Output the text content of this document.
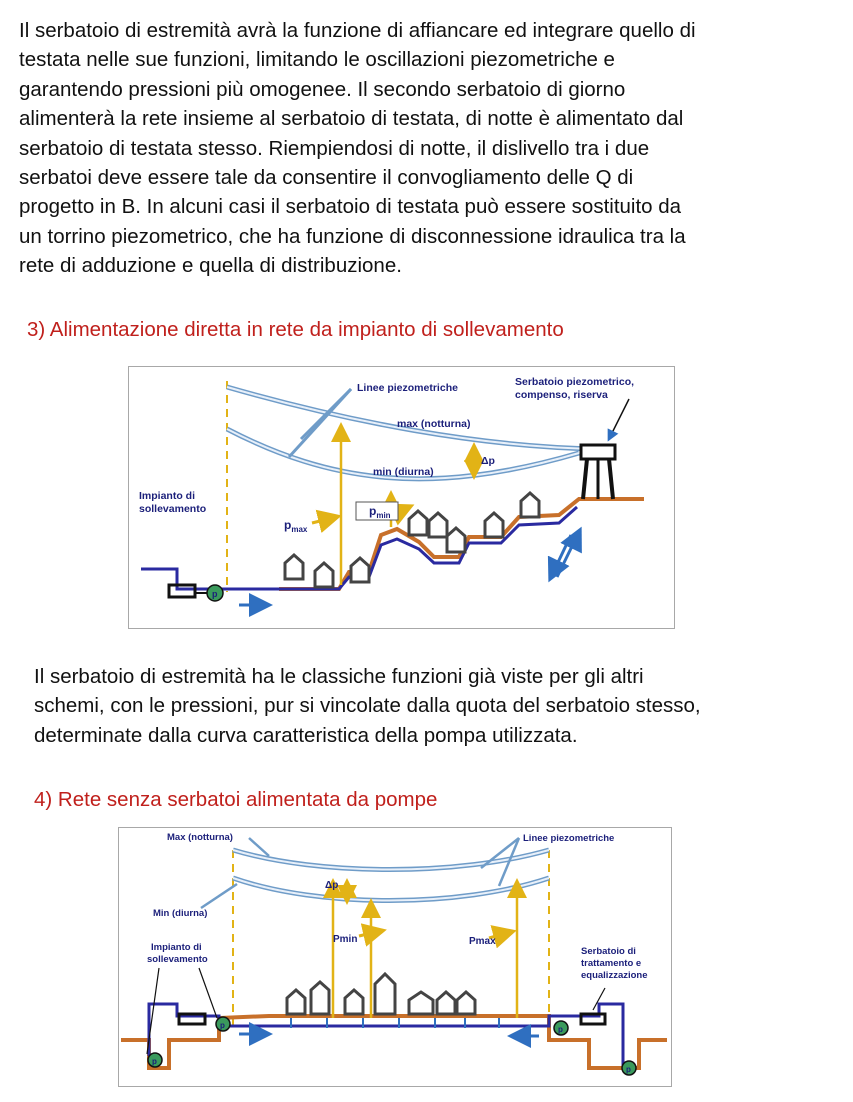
Il serbatoio di estremità avrà la funzione di affiancare ed integrare quello di
testata nelle sue funzioni, limitando le oscillazioni piezometriche e
garantendo pressioni più omogenee. Il secondo serbatoio di giorno
alimenterà la rete insieme al serbatoio di testata, di notte è alimentato dal
serbatoio di testata stesso. Riempiendosi di notte, il dislivello tra i due
serbatoi deve essere tale da consentire il convogliamento delle Q di
progetto in B. In alcuni casi il serbatoio di testata può essere sostituito da
un torrino piezometrico, che ha funzione di disconnessione idraulica tra la
rete di adduzione e quella di distribuzione.
3) Alimentazione diretta in rete da impianto di sollevamento
Linee piezometriche	Serbatoio piezometrico,
compenso, riserva
max (notturna)
min (diurna)
Δp
Impianto di
sollevamento
$p_{max}$
$p_{min}$
p
Il serbatoio di estremità ha le classiche funzioni già viste per gli altri
schemi, con le pressioni, pur si vincolate dalla quota del serbatoio stesso,
determinate dalla curva caratteristica della pompa utilizzata.
4) Rete senza serbatoi alimentata da pompe
Max (notturna)	Linee piezometriche
Min (diurna)
Δp
Pmin	Pmax
Impianto di
sollevamento
Serbatoio di
trattamento e
equalizzazione
p
p
p
p
